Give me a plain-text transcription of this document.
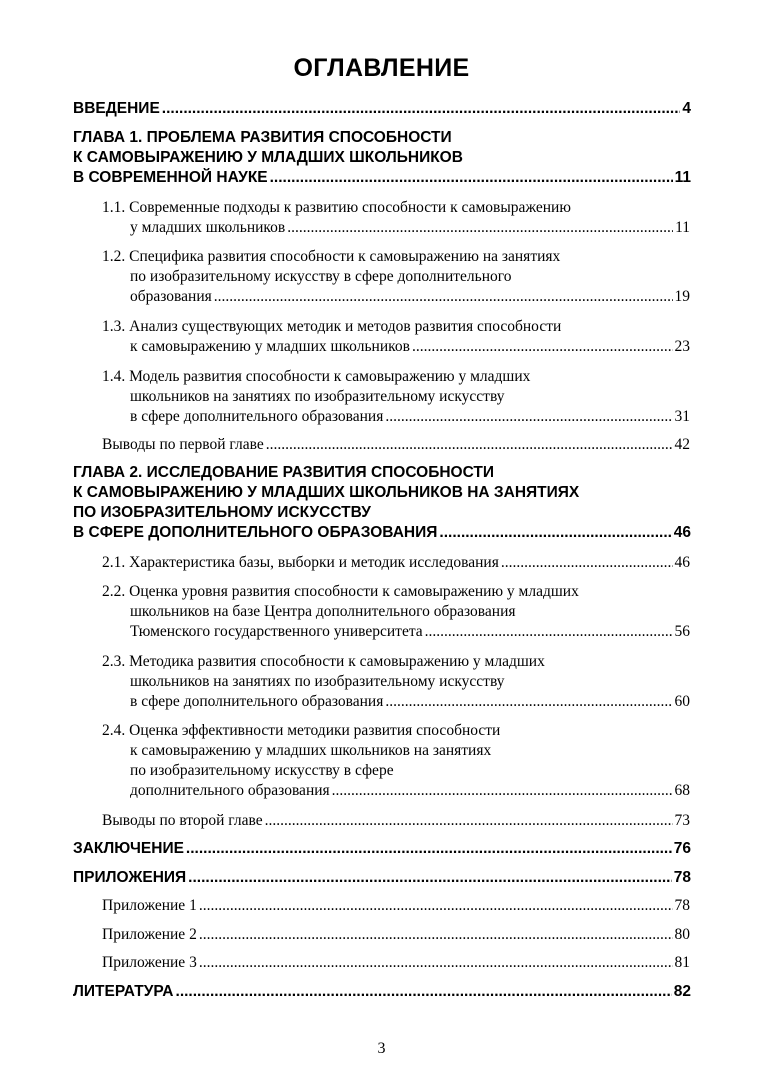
ОГЛАВЛЕНИЕ
ВВЕДЕНИЕ .....	4
ГЛАВА 1. ПРОБЛЕМА РАЗВИТИЯ СПОСОБНОСТИ
К САМОВЫРАЖЕНИЮ У МЛАДШИХ ШКОЛЬНИКОВ
В СОВРЕМЕННОЙ НАУКЕ .....	11
1.1. Современные подходы к развитию способности к самовыражению
у младших школьников .....	11
1.2. Специфика развития способности к самовыражению на занятиях
по изобразительному искусству в сфере дополнительного
образования .....	19
1.3. Анализ существующих методик и методов развития способности
к самовыражению у младших школьников .....	23
1.4. Модель развития способности к самовыражению у младших
школьников на занятиях по изобразительному искусству
в сфере дополнительного образования .....	31
Выводы по первой главе .....	42
ГЛАВА 2. ИССЛЕДОВАНИЕ РАЗВИТИЯ СПОСОБНОСТИ
К САМОВЫРАЖЕНИЮ У МЛАДШИХ ШКОЛЬНИКОВ НА ЗАНЯТИЯХ
ПО ИЗОБРАЗИТЕЛЬНОМУ ИСКУССТВУ
В СФЕРЕ ДОПОЛНИТЕЛЬНОГО ОБРАЗОВАНИЯ .....	46
2.1. Характеристика базы, выборки и методик исследования .....	46
2.2. Оценка уровня развития способности к самовыражению у младших
школьников на базе Центра дополнительного образования
Тюменского государственного университета .....	56
2.3. Методика развития способности к самовыражению у младших
школьников на занятиях по изобразительному искусству
в сфере дополнительного образования .....	60
2.4. Оценка эффективности методики развития способности
к самовыражению у младших школьников на занятиях
по изобразительному искусству в сфере
дополнительного образования .....	68
Выводы по второй главе .....	73
ЗАКЛЮЧЕНИЕ .....	76
ПРИЛОЖЕНИЯ .....	78
Приложение 1 .....	78
Приложение 2 .....	80
Приложение 3 .....	81
ЛИТЕРАТУРА .....	82
3
